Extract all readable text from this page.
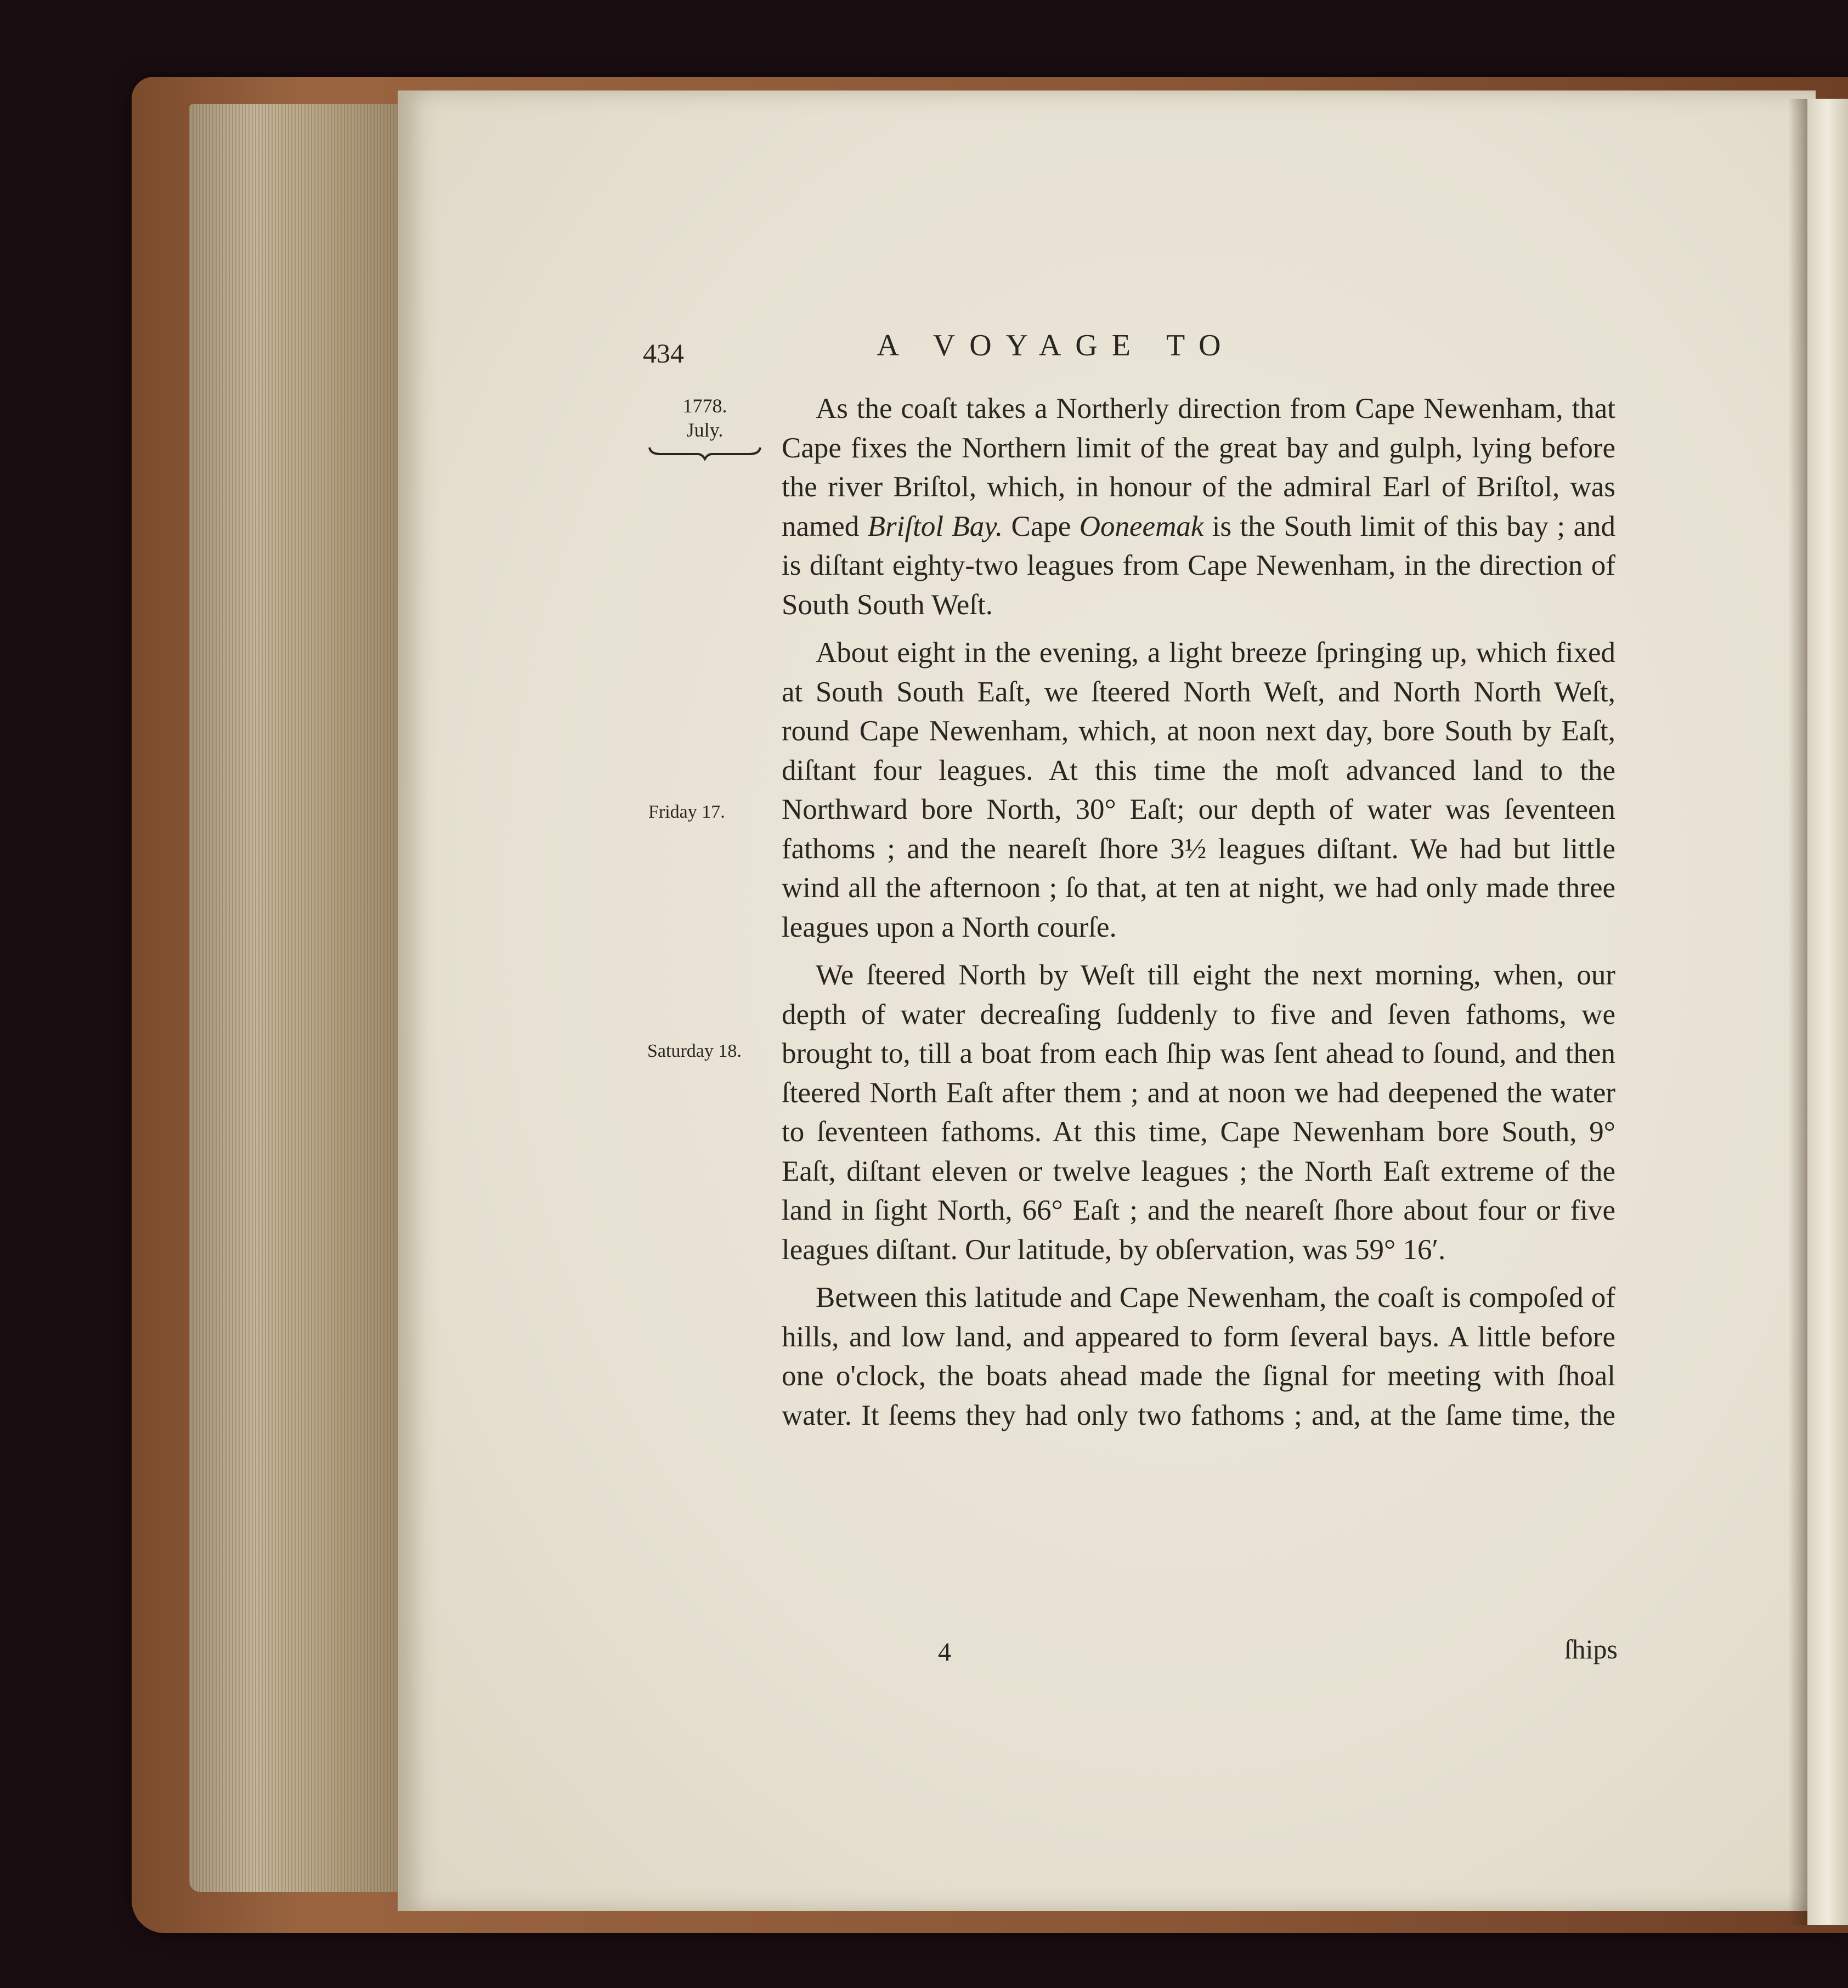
434	A VOYAGE TO
1778.
July.
Friday 17.
Saturday 18.

As the coaſt takes a Northerly direction from Cape Newenham, that Cape fixes the Northern limit of the great bay and gulph, lying before the river Briſtol, which, in honour of the admiral Earl of Briſtol, was named Briſtol Bay. Cape Ooneemak is the South limit of this bay ; and is diſtant eighty-two leagues from Cape Newenham, in the direction of South South Weſt.

About eight in the evening, a light breeze ſpringing up, which fixed at South South Eaſt, we ſteered North Weſt, and North North Weſt, round Cape Newenham, which, at noon next day, bore South by Eaſt, diſtant four leagues. At this time the moſt advanced land to the Northward bore North, 30° Eaſt; our depth of water was ſeventeen fathoms ; and the neareſt ſhore 3½ leagues diſtant. We had but little wind all the afternoon ; ſo that, at ten at night, we had only made three leagues upon a North courſe.

We ſteered North by Weſt till eight the next morning, when, our depth of water decreaſing ſuddenly to five and ſeven fathoms, we brought to, till a boat from each ſhip was ſent ahead to ſound, and then ſteered North Eaſt after them ; and at noon we had deepened the water to ſeventeen fathoms. At this time, Cape Newenham bore South, 9° Eaſt, diſtant eleven or twelve leagues ; the North Eaſt extreme of the land in ſight North, 66° Eaſt ; and the neareſt ſhore about four or five leagues diſtant. Our latitude, by obſervation, was 59° 16′.

Between this latitude and Cape Newenham, the coaſt is compoſed of hills, and low land, and appeared to form ſeveral bays. A little before one o'clock, the boats ahead made the ſignal for meeting with ſhoal water. It ſeems they had only two fathoms ; and, at the ſame time, the

4	ſhips
